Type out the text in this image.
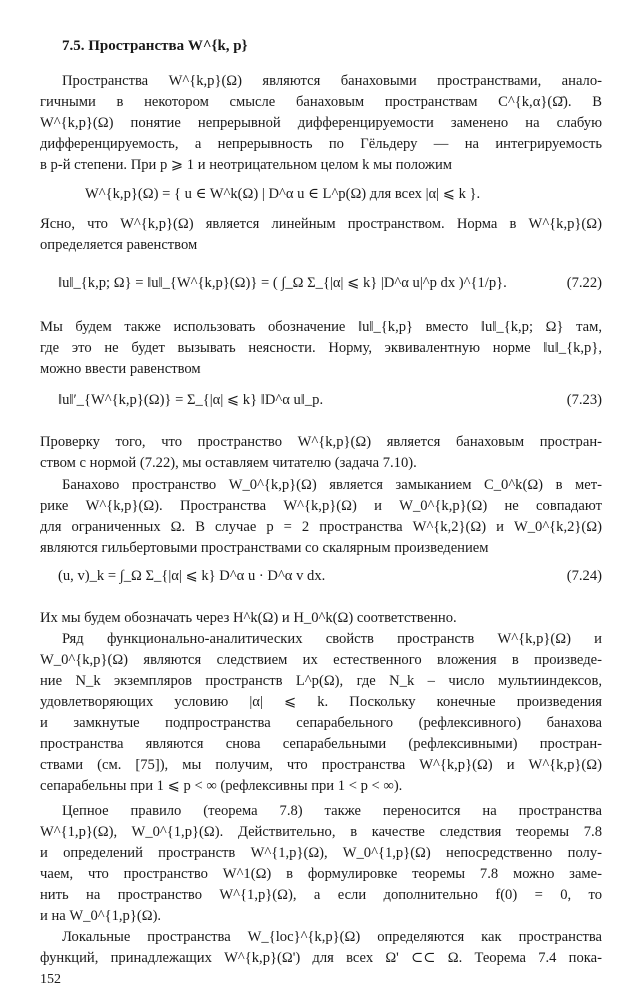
7.5. Пространства W^{k, p}
Пространства W^{k,p}(Ω) являются банаховыми пространствами, анало-
гичными в некотором смысле банаховым пространствам C^{k,α}(Ω̄). В
W^{k,p}(Ω) понятие непрерывной дифференцируемости заменено на слабую
дифференцируемость, а непрерывность по Гёльдеру — на интегрируемость
в p-й степени. При p ⩾ 1 и неотрицательном целом k мы положим
W^{k,p}(Ω) = { u ∈ W^k(Ω) | D^α u ∈ L^p(Ω) для всех |α| ⩽ k }.
Ясно, что W^{k,p}(Ω) является линейным пространством. Норма в W^{k,p}(Ω)
определяется равенством
‖u‖_{k,p; Ω} = ‖u‖_{W^{k,p}(Ω)} = ( ∫_Ω Σ_{|α| ⩽ k} |D^α u|^p dx )^{1/p}.	(7.22)
Мы будем также использовать обозначение ‖u‖_{k,p} вместо ‖u‖_{k,p; Ω} там,
где это не будет вызывать неясности. Норму, эквивалентную норме ‖u‖_{k,p},
можно ввести равенством
‖u‖′_{W^{k,p}(Ω)} = Σ_{|α| ⩽ k} ‖D^α u‖_p.	(7.23)
Проверку того, что пространство W^{k,p}(Ω) является банаховым простран-
ством с нормой (7.22), мы оставляем читателю (задача 7.10).
Банахово пространство W_0^{k,p}(Ω) является замыканием C_0^k(Ω) в мет-
рике W^{k,p}(Ω). Пространства W^{k,p}(Ω) и W_0^{k,p}(Ω) не совпадают
для ограниченных Ω. В случае p = 2 пространства W^{k,2}(Ω) и W_0^{k,2}(Ω)
являются гильбертовыми пространствами со скалярным произведением
(u, v)_k = ∫_Ω Σ_{|α| ⩽ k} D^α u · D^α v dx.	(7.24)
Их мы будем обозначать через H^k(Ω) и H_0^k(Ω) соответственно.
Ряд функционально-аналитических свойств пространств W^{k,p}(Ω) и
W_0^{k,p}(Ω) являются следствием их естественного вложения в произведе-
ние N_k экземпляров пространств L^p(Ω), где N_k – число мультииндексов,
удовлетворяющих условию |α| ⩽ k. Поскольку конечные произведения
и замкнутые подпространства сепарабельного (рефлексивного) банахова
пространства являются снова сепарабельными (рефлексивными) простран-
ствами (см. [75]), мы получим, что пространства W^{k,p}(Ω) и W^{k,p}(Ω)
сепарабельны при 1 ⩽ p < ∞ (рефлексивны при 1 < p < ∞).
Цепное правило (теорема 7.8) также переносится на пространства
W^{1,p}(Ω), W_0^{1,p}(Ω). Действительно, в качестве следствия теоремы 7.8
и определений пространств W^{1,p}(Ω), W_0^{1,p}(Ω) непосредственно полу-
чаем, что пространство W^1(Ω) в формулировке теоремы 7.8 можно заме-
нить на пространство W^{1,p}(Ω), а если дополнительно f(0) = 0, то
и на W_0^{1,p}(Ω).
Локальные пространства W_{loc}^{k,p}(Ω) определяются как пространства
функций, принадлежащих W^{k,p}(Ω') для всех Ω' ⊂⊂ Ω. Теорема 7.4 пока-
152
